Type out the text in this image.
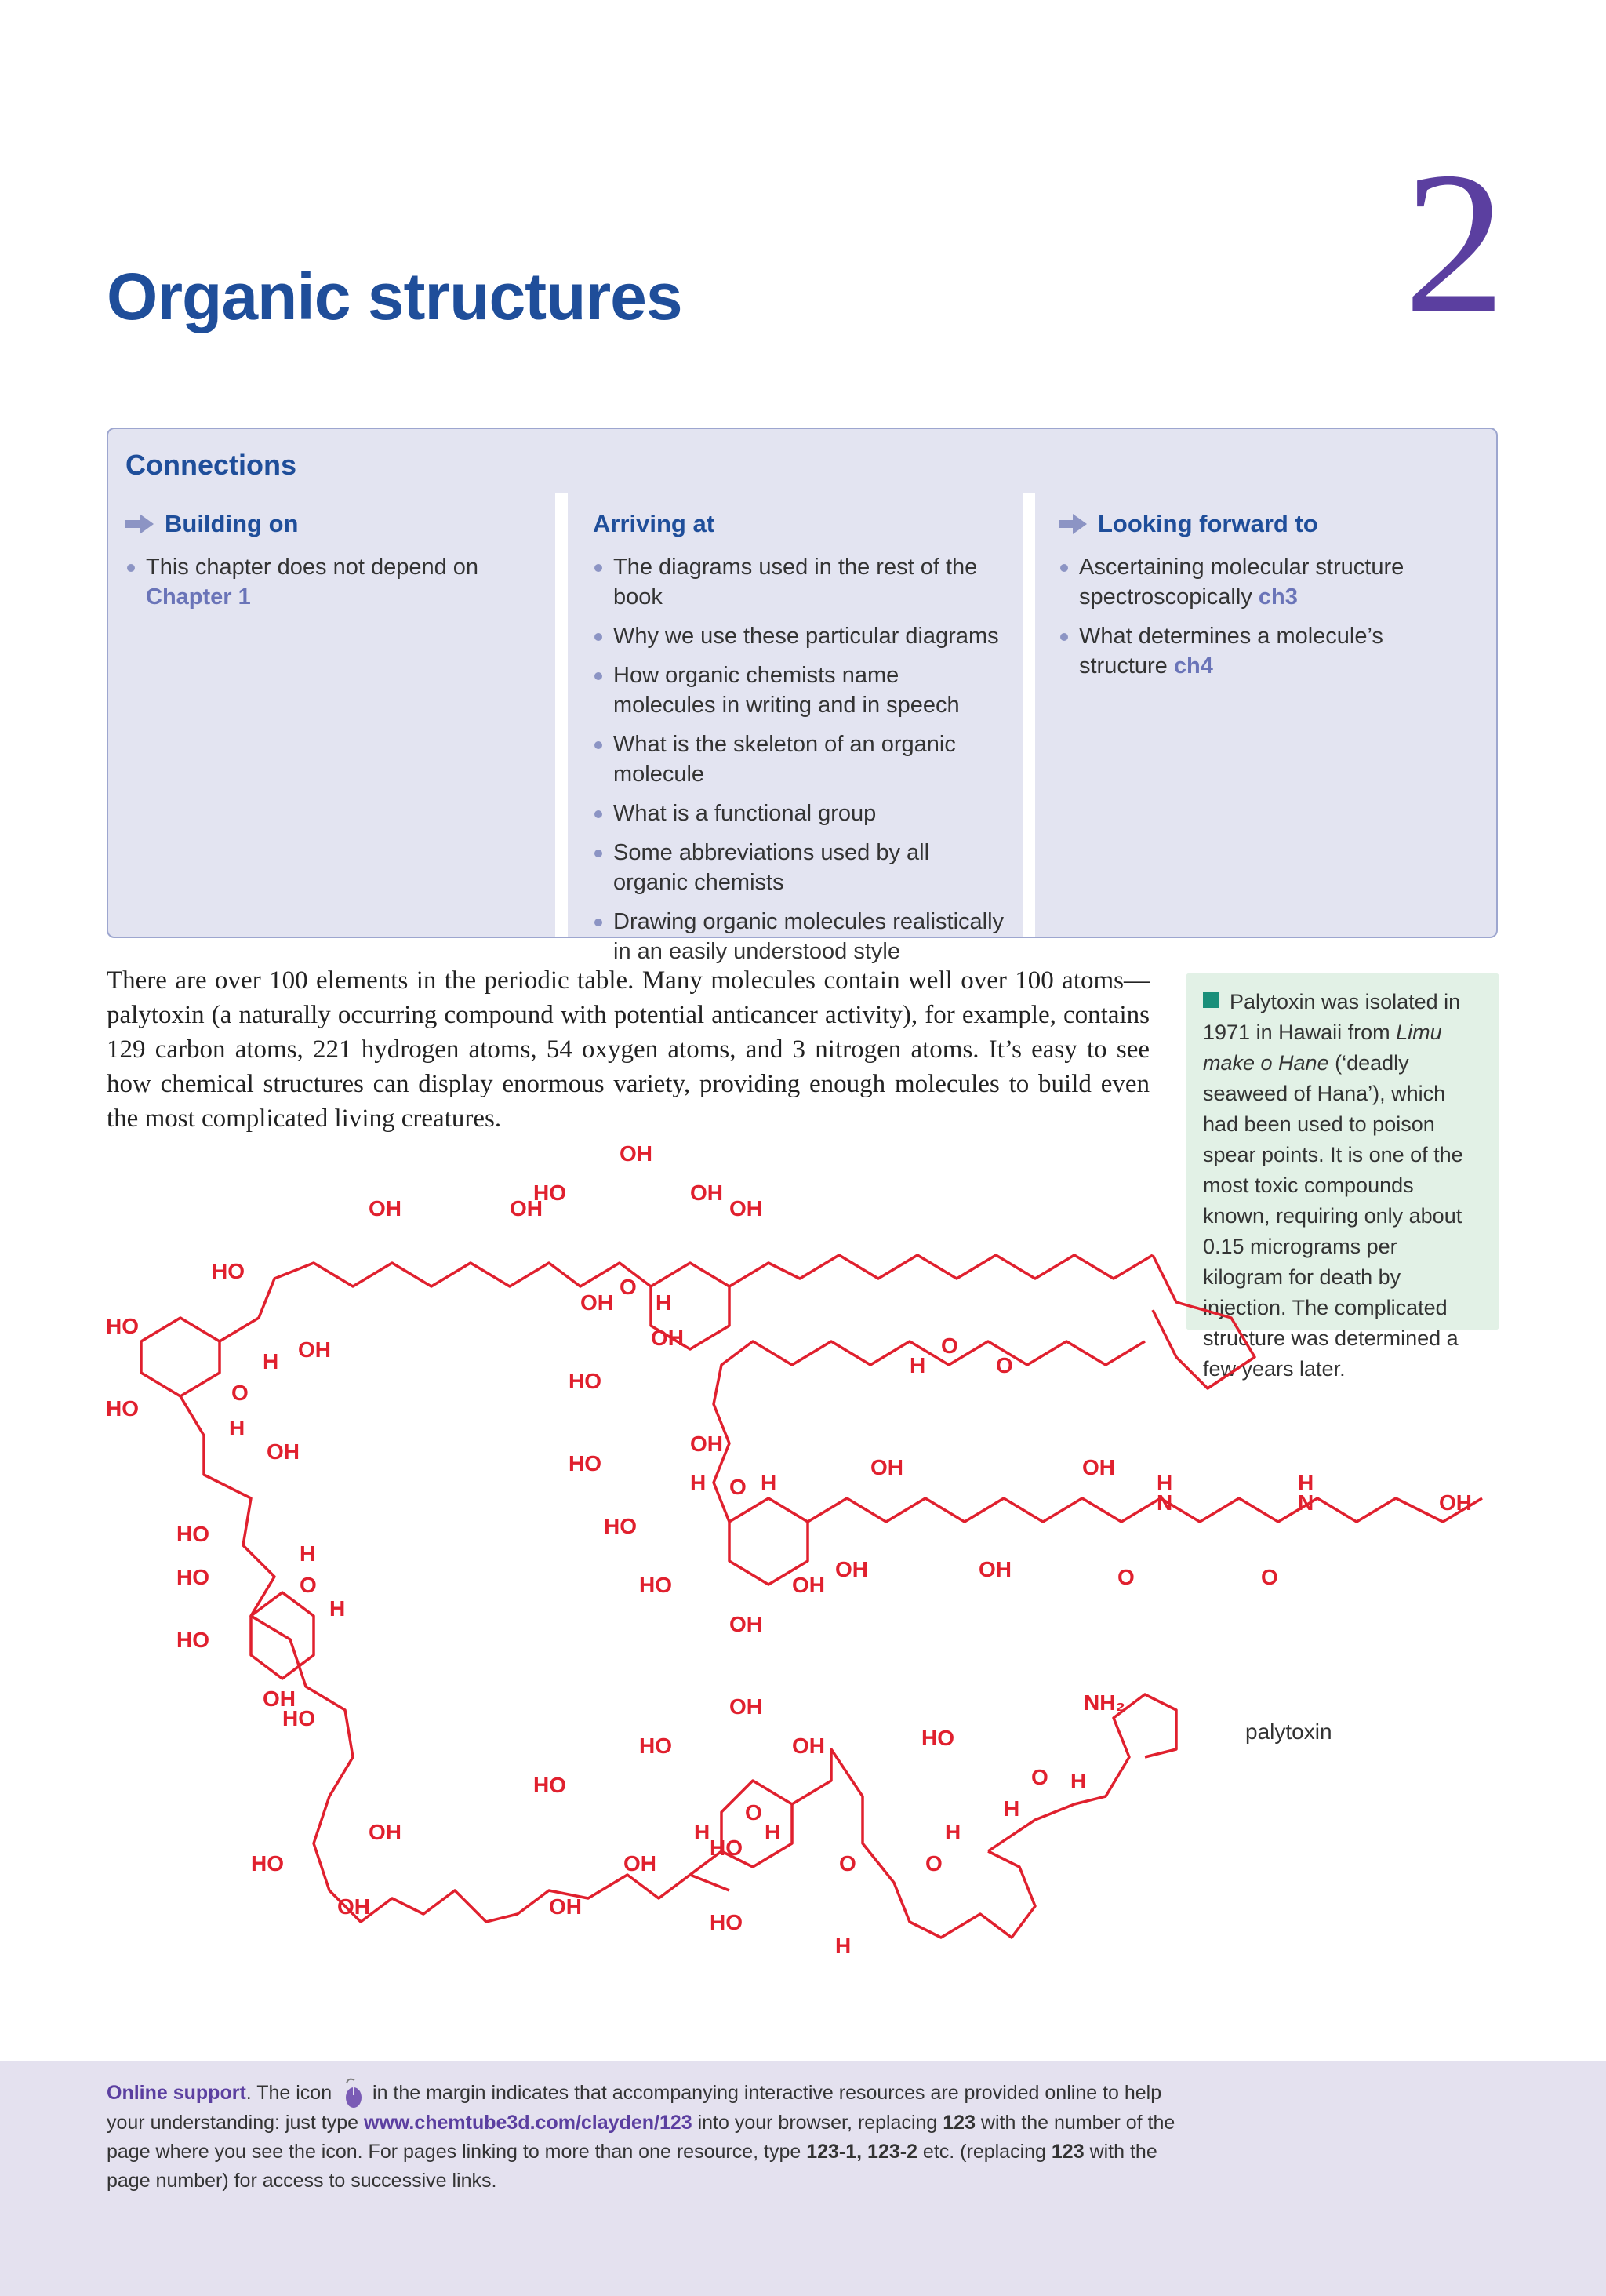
Organic structures	2
Connections
Building on
This chapter does not depend on
Chapter 1
Arriving at
The diagrams used in the rest of the book
Why we use these particular diagrams
How organic chemists name molecules in writing and in speech
What is the skeleton of an organic molecule
What is a functional group
Some abbreviations used by all organic chemists
Drawing organic molecules realistically in an easily understood style
Looking forward to
Ascertaining molecular structure spectroscopically ch3
What determines a molecule’s structure ch4
There are over 100 elements in the periodic table. Many molecules contain well over 100 atoms—palytoxin (a naturally occurring compound with potential anticancer activity), for example, contains 129 carbon atoms, 221 hydrogen atoms, 54 oxygen atoms, and 3 nitrogen atoms. It’s easy to see how chemical structures can display enormous variety, providing enough molecules to build even the most complicated living creatures.
Palytoxin was isolated in 1971 in Hawaii from Limu make o Hane (‘deadly seaweed of Hana’), which had been used to poison spear points. It is one of the most toxic compounds known, requiring only about 0.15 micrograms per kilogram for death by injection. The complicated structure was determined a few years later.
OH
HO	OH
OH	OH	OH
HO
O
OH H
HO
OH
H
O
O
OH
H
HO
O
HO
H
OH	OH
HO	OH	OH
H O H	H
N
H
N	OH
HO
HO
H
OH	OH	O	O
HO	HO	OH
O
H
OH
HO
OH
HO
NH₂
OH
HO
HO	OH
O H
HO
H
O
OH	H H	H
HO
O	O
HO	OH
OH	OH
HO
H
palytoxin
Online support. The icon  in the margin indicates that accompanying interactive resources are provided online to help your understanding: just type www.chemtube3d.com/clayden/123 into your browser, replacing 123 with the number of the page where you see the icon. For pages linking to more than one resource, type 123-1, 123-2 etc. (replacing 123 with the page number) for access to successive links.
